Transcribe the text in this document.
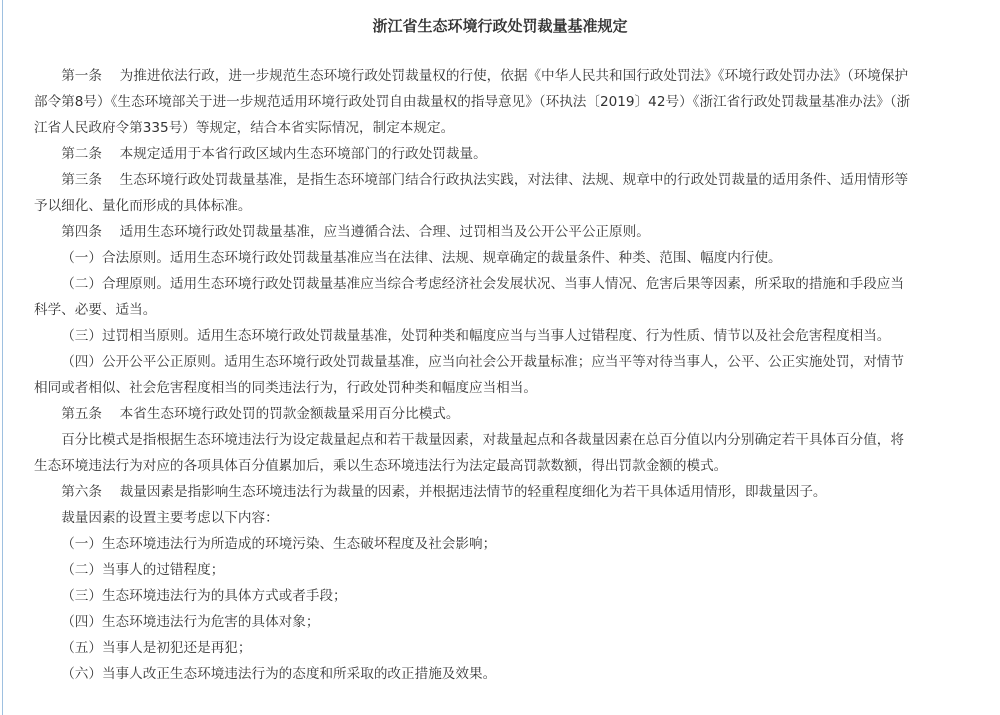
浙江省生态环境行政处罚裁量基准规定

第一条 为推进依法行政，进一步规范生态环境行政处罚裁量权的行使，依据《中华人民共和国行政处罚法》《环境行政处罚办法》（环境保护部令第8号）《生态环境部关于进一步规范适用环境行政处罚自由裁量权的指导意见》（环执法〔2019〕42号）《浙江省行政处罚裁量基准办法》（浙江省人民政府令第335号）等规定，结合本省实际情况，制定本规定。

第二条 本规定适用于本省行政区域内生态环境部门的行政处罚裁量。

第三条 生态环境行政处罚裁量基准，是指生态环境部门结合行政执法实践，对法律、法规、规章中的行政处罚裁量的适用条件、适用情形等予以细化、量化而形成的具体标准。

第四条 适用生态环境行政处罚裁量基准，应当遵循合法、合理、过罚相当及公开公平公正原则。

（一）合法原则。适用生态环境行政处罚裁量基准应当在法律、法规、规章确定的裁量条件、种类、范围、幅度内行使。

（二）合理原则。适用生态环境行政处罚裁量基准应当综合考虑经济社会发展状况、当事人情况、危害后果等因素，所采取的措施和手段应当科学、必要、适当。

（三）过罚相当原则。适用生态环境行政处罚裁量基准，处罚种类和幅度应当与当事人过错程度、行为性质、情节以及社会危害程度相当。

（四）公开公平公正原则。适用生态环境行政处罚裁量基准，应当向社会公开裁量标准；应当平等对待当事人，公平、公正实施处罚，对情节相同或者相似、社会危害程度相当的同类违法行为，行政处罚种类和幅度应当相当。

第五条 本省生态环境行政处罚的罚款金额裁量采用百分比模式。

百分比模式是指根据生态环境违法行为设定裁量起点和若干裁量因素，对裁量起点和各裁量因素在总百分值以内分别确定若干具体百分值，将生态环境违法行为对应的各项具体百分值累加后，乘以生态环境违法行为法定最高罚款数额，得出罚款金额的模式。

第六条 裁量因素是指影响生态环境违法行为裁量的因素，并根据违法情节的轻重程度细化为若干具体适用情形，即裁量因子。

裁量因素的设置主要考虑以下内容：

（一）生态环境违法行为所造成的环境污染、生态破坏程度及社会影响；

（二）当事人的过错程度；

（三）生态环境违法行为的具体方式或者手段；

（四）生态环境违法行为危害的具体对象；

（五）当事人是初犯还是再犯；

（六）当事人改正生态环境违法行为的态度和所采取的改正措施及效果。
